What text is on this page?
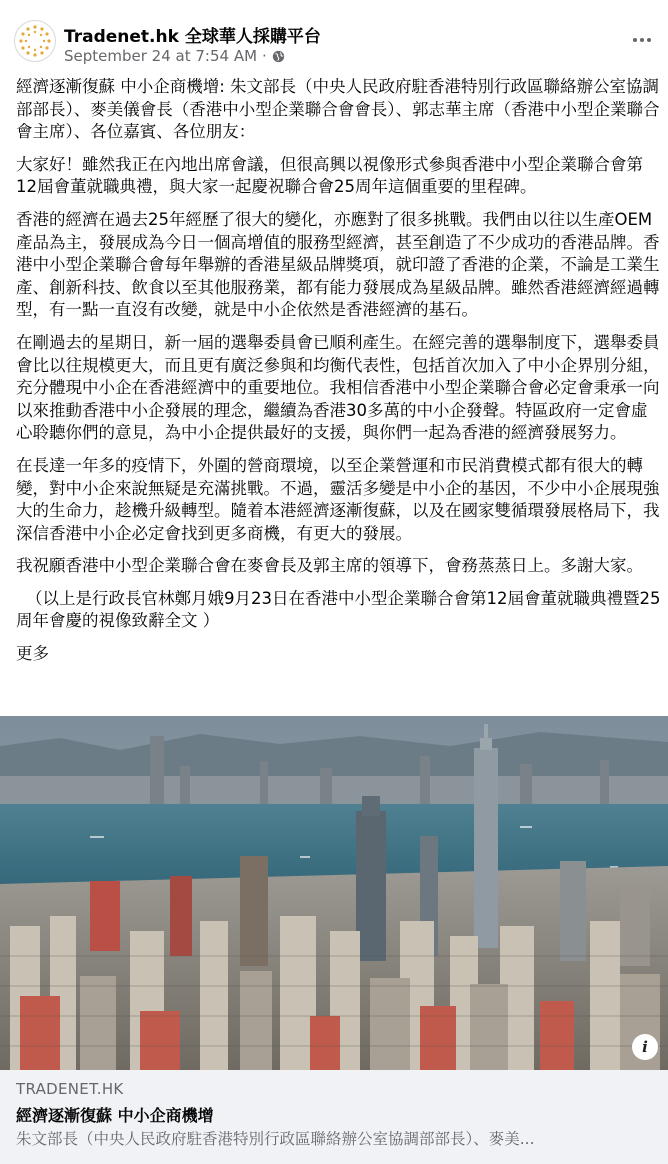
Tradenet.hk 全球華人採購平台
September 24 at 7:54 AM ·

經濟逐漸復蘇 中小企商機增: 朱文部長（中央人民政府駐香港特別行政區聯絡辦公室協調部部長）、麥美儀會長（香港中小型企業聯合會會長）、郭志華主席（香港中小型企業聯合會主席）、各位嘉賓、各位朋友：

大家好！雖然我正在內地出席會議，但很高興以視像形式參與香港中小型企業聯合會第12屆會董就職典禮，與大家一起慶祝聯合會25周年這個重要的里程碑。

香港的經濟在過去25年經歷了很大的變化，亦應對了很多挑戰。我們由以往以生產OEM產品為主，發展成為今日一個高增值的服務型經濟，甚至創造了不少成功的香港品牌。香港中小型企業聯合會每年舉辦的香港星級品牌獎項，就印證了香港的企業，不論是工業生產、創新科技、飲食以至其他服務業，都有能力發展成為星級品牌。雖然香港經濟經過轉型，有一點一直沒有改變，就是中小企依然是香港經濟的基石。

在剛過去的星期日，新一屆的選舉委員會已順利產生。在經完善的選舉制度下，選舉委員會比以往規模更大，而且更有廣泛參與和均衡代表性，包括首次加入了中小企界別分組，充分體現中小企在香港經濟中的重要地位。我相信香港中小型企業聯合會必定會秉承一向以來推動香港中小企發展的理念，繼續為香港30多萬的中小企發聲。特區政府一定會虛心聆聽你們的意見，為中小企提供最好的支援，與你們一起為香港的經濟發展努力。

在長達一年多的疫情下，外圍的營商環境，以至企業營運和市民消費模式都有很大的轉變，對中小企來說無疑是充滿挑戰。不過，靈活多變是中小企的基因，不少中小企展現強大的生命力，趁機升級轉型。隨着本港經濟逐漸復蘇，以及在國家雙循環發展格局下，我深信香港中小企必定會找到更多商機，有更大的發展。

我祝願香港中小型企業聯合會在麥會長及郭主席的領導下，會務蒸蒸日上。多謝大家。

（以上是行政長官林鄭月娥9月23日在香港中小型企業聯合會第12屆會董就職典禮暨25周年會慶的視像致辭全文 ）

更多

i
TRADENET.HK
經濟逐漸復蘇 中小企商機增
朱文部長（中央人民政府駐香港特別行政區聯絡辦公室協調部部長）、麥美...
